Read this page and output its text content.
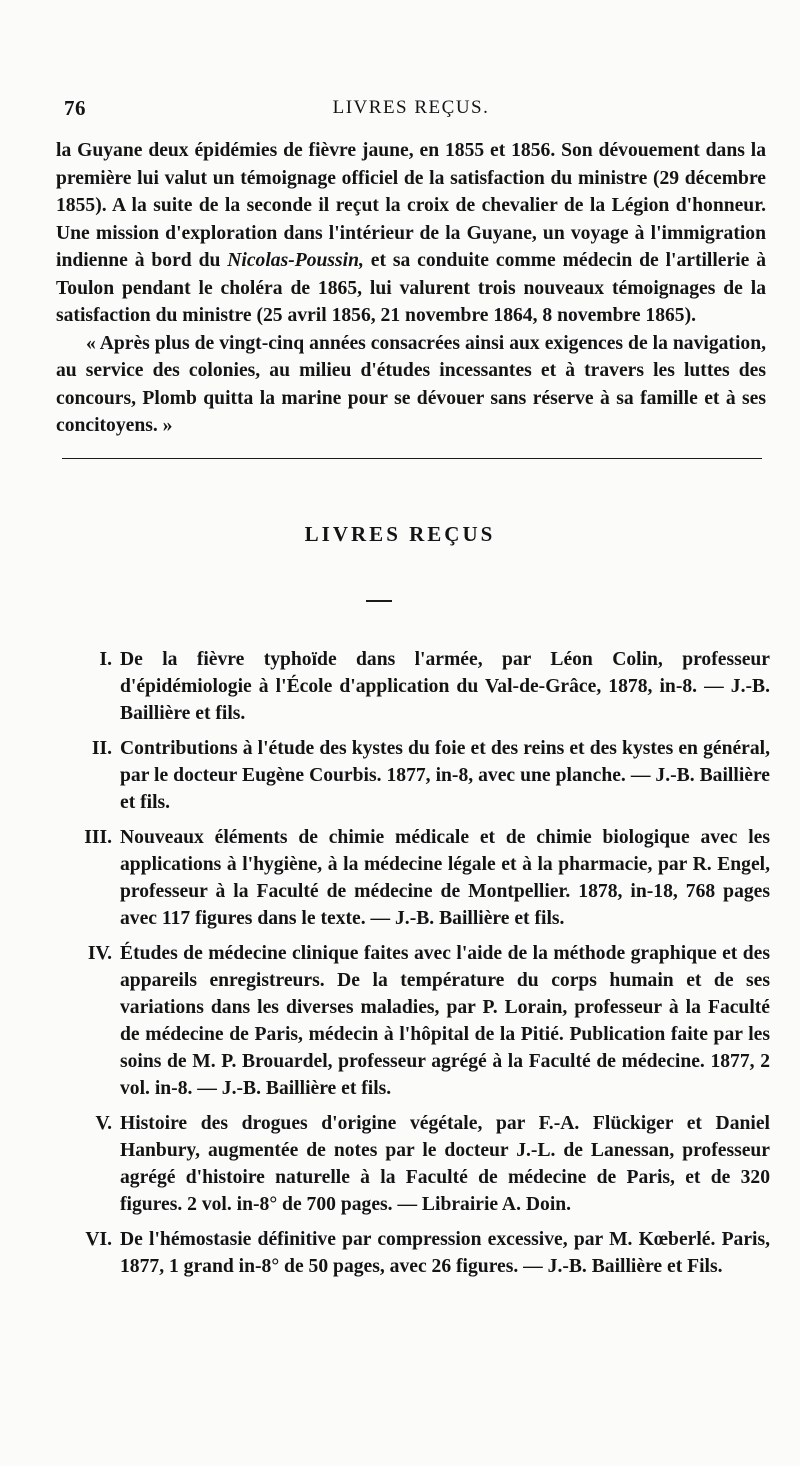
76	LIVRES REÇUS.

la Guyane deux épidémies de fièvre jaune, en 1855 et 1856. Son dévouement dans la première lui valut un témoignage officiel de la satisfaction du ministre (29 décembre 1855). A la suite de la seconde il reçut la croix de chevalier de la Légion d'honneur. Une mission d'exploration dans l'intérieur de la Guyane, un voyage à l'immigration indienne à bord du Nicolas-Poussin, et sa conduite comme médecin de l'artillerie à Toulon pendant le choléra de 1865, lui valurent trois nouveaux témoignages de la satisfaction du ministre (25 avril 1856, 21 novembre 1864, 8 novembre 1865).

« Après plus de vingt-cinq années consacrées ainsi aux exigences de la navigation, au service des colonies, au milieu d'études incessantes et à travers les luttes des concours, Plomb quitta la marine pour se dévouer sans réserve à sa famille et à ses concitoyens. »

LIVRES REÇUS
I. De la fièvre typhoïde dans l'armée, par Léon Colin, professeur d'épidémiologie à l'École d'application du Val-de-Grâce, 1878, in-8. — J.-B. Baillière et fils.
II. Contributions à l'étude des kystes du foie et des reins et des kystes en général, par le docteur Eugène Courbis. 1877, in-8, avec une planche. — J.-B. Baillière et fils.
III. Nouveaux éléments de chimie médicale et de chimie biologique avec les applications à l'hygiène, à la médecine légale et à la pharmacie, par R. Engel, professeur à la Faculté de médecine de Montpellier. 1878, in-18, 768 pages avec 117 figures dans le texte. — J.-B. Baillière et fils.
IV. Études de médecine clinique faites avec l'aide de la méthode graphique et des appareils enregistreurs. De la température du corps humain et de ses variations dans les diverses maladies, par P. Lorain, professeur à la Faculté de médecine de Paris, médecin à l'hôpital de la Pitié. Publication faite par les soins de M. P. Brouardel, professeur agrégé à la Faculté de médecine. 1877, 2 vol. in-8. — J.-B. Baillière et fils.
V. Histoire des drogues d'origine végétale, par F.-A. Flückiger et Daniel Hanbury, augmentée de notes par le docteur J.-L. de Lanessan, professeur agrégé d'histoire naturelle à la Faculté de médecine de Paris, et de 320 figures. 2 vol. in-8° de 700 pages. — Librairie A. Doin.
VI. De l'hémostasie définitive par compression excessive, par M. Kœberlé. Paris, 1877, 1 grand in-8° de 50 pages, avec 26 figures. — J.-B. Baillière et Fils.
